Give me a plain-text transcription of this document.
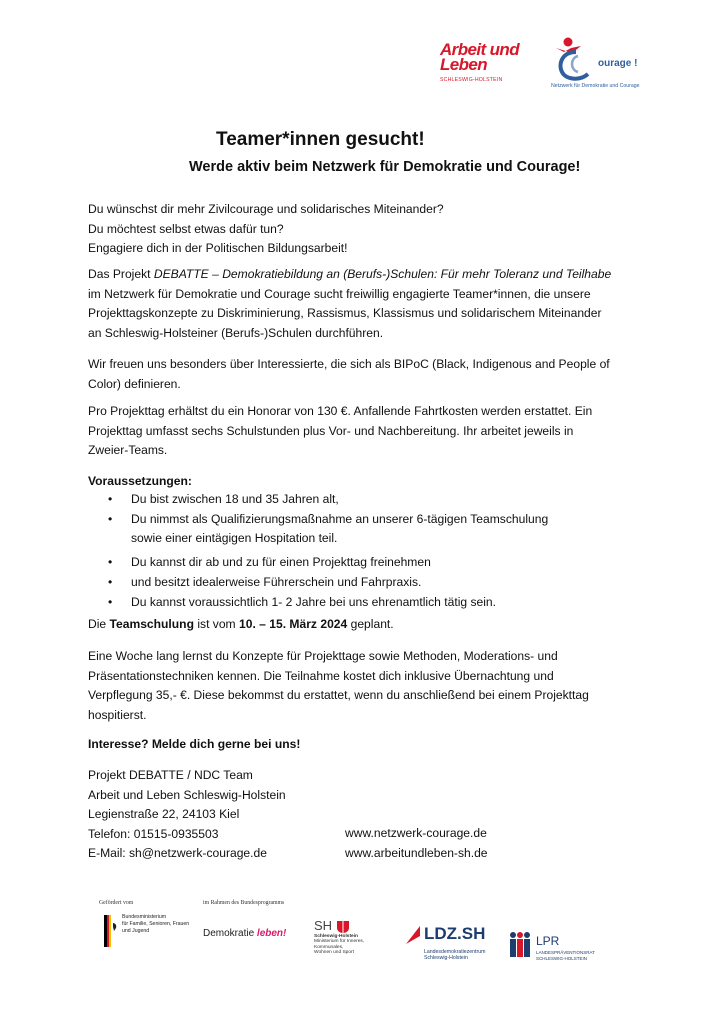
Arbeit und
Leben
SCHLESWIG-HOLSTEIN
ourage !
Netzwerk für Demokratie und Courage
Teamer*innen gesucht!
Werde aktiv beim Netzwerk für Demokratie und Courage!

Du wünschst dir mehr Zivilcourage und solidarisches Miteinander?

Du möchtest selbst etwas dafür tun?

Engagiere dich in der Politischen Bildungsarbeit!

Das Projekt DEBATTE – Demokratiebildung an (Berufs-)Schulen: Für mehr Toleranz und Teilhabe

im Netzwerk für Demokratie und Courage sucht freiwillig engagierte Teamer*innen, die unsere

Projekttagskonzepte zu Diskriminierung, Rassismus, Klassismus und solidarischem Miteinander

an Schleswig-Holsteiner (Berufs-)Schulen durchführen.

Wir freuen uns besonders über Interessierte, die sich als BIPoC (Black, Indigenous and People of

Color) definieren.

Pro Projekttag erhältst du ein Honorar von 130 €. Anfallende Fahrtkosten werden erstattet. Ein

Projekttag umfasst sechs Schulstunden plus Vor- und Nachbereitung. Ihr arbeitet jeweils in

Zweier-Teams.

Voraussetzungen:
• Du bist zwischen 18 und 35 Jahren alt,
• Du nimmst als Qualifizierungsmaßnahme an unserer 6-tägigen Teamschulung
sowie einer eintägigen Hospitation teil.
• Du kannst dir ab und zu für einen Projekttag freinehmen
• und besitzt idealerweise Führerschein und Fahrpraxis.
• Du kannst voraussichtlich 1- 2 Jahre bei uns ehrenamtlich tätig sein.
Die Teamschulung ist vom 10. – 15. März 2024 geplant.

Eine Woche lang lernst du Konzepte für Projekttage sowie Methoden, Moderations- und

Präsentationstechniken kennen. Die Teilnahme kostet dich inklusive Übernachtung und

Verpflegung 35,- €. Diese bekommst du erstattet, wenn du anschließend bei einem Projekttag

hospitierst.

Interesse? Melde dich gerne bei uns!

Projekt DEBATTE / NDC Team

Arbeit und Leben Schleswig-Holstein

Legienstraße 22, 24103 Kiel

Telefon: 01515-0935503

E-Mail: sh@netzwerk-courage.de

www.netzwerk-courage.de
www.arbeitundleben-sh.de
im Rahmen des Bundesprogramms
Gefördert vom
Bundesministerium
für Familie, Senioren, Frauen
und Jugend	Demokratie leben!
SH
Schleswig-Holstein
Ministerium für Inneres,
Kommunales,
Wohnen und Sport
LDZ.SH
Landesdemokratiezentrum
Schleswig-Holstein
LPR
LANDESPRÄVENTIONSRAT
SCHLESWIG-HOLSTEIN
